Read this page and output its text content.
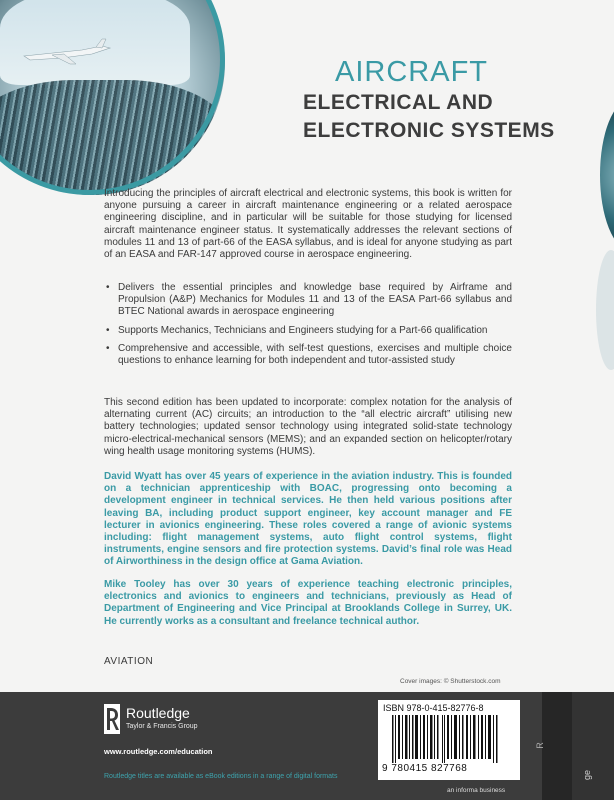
AIRCRAFT
ELECTRICAL AND
ELECTRONIC SYSTEMS

Introducing the principles of aircraft electrical and electronic systems, this book is written for anyone pursuing a career in aircraft maintenance engineering or a related aerospace engineering discipline, and in particular will be suitable for those studying for licensed aircraft maintenance engineer status. It systematically addresses the relevant sections of modules 11 and 13 of part-66 of the EASA syllabus, and is ideal for anyone studying as part of an EASA and FAR-147 approved course in aerospace engineering.

• Delivers the essential principles and knowledge base required by Airframe and Propulsion (A&P) Mechanics for Modules 11 and 13 of the EASA Part-66 syllabus and BTEC National awards in aerospace engineering
• Supports Mechanics, Technicians and Engineers studying for a Part-66 qualification
• Comprehensive and accessible, with self-test questions, exercises and multiple choice questions to enhance learning for both independent and tutor-assisted study

This second edition has been updated to incorporate: complex notation for the analysis of alternating current (AC) circuits; an introduction to the “all electric aircraft” utilising new battery technologies; updated sensor technology using integrated solid-state technology micro-electrical-mechanical sensors (MEMS); and an expanded section on helicopter/rotary wing health usage monitoring systems (HUMS).

David Wyatt has over 45 years of experience in the aviation industry. This is founded on a technician apprenticeship with BOAC, progressing onto becoming a development engineer in technical services. He then held various positions after leaving BA, including product support engineer, key account manager and FE lecturer in avionics engineering. These roles covered a range of avionic systems including: flight management systems, auto flight control systems, flight instruments, engine sensors and fire protection systems. David’s final role was Head of Airworthiness in the design office at Gama Aviation.

Mike Tooley has over 30 years of experience teaching electronic principles, electronics and avionics to engineers and technicians, previously as Head of Department of Engineering and Vice Principal at Brooklands College in Surrey, UK. He currently works as a consultant and freelance technical author.

AVIATION

Cover images: © Shutterstock.com

Routledge

Taylor & Francis Group

www.routledge.com/education

Routledge titles are available as eBook editions in a range of digital formats

ISBN 978-0-415-82776-8

9 780415 827768

an informa business

R

ge
